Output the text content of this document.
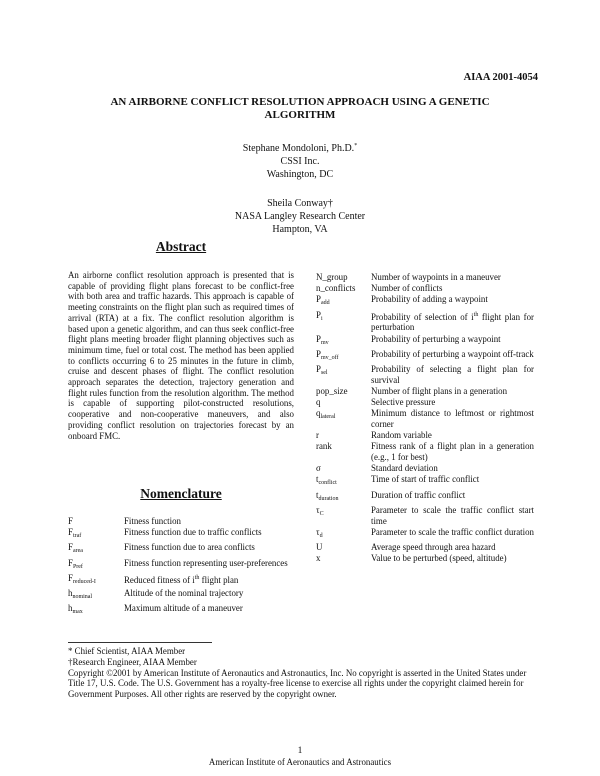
AIAA 2001-4054
AN AIRBORNE CONFLICT RESOLUTION APPROACH USING A GENETIC
ALGORITHM
Stephane Mondoloni, Ph.D.*
CSSI Inc.
Washington, DC
Sheila Conway†
NASA Langley Research Center
Hampton, VA
Abstract
An airborne conflict resolution approach is presented that is capable of providing flight plans forecast to be conflict-free with both area and traffic hazards. This approach is capable of meeting constraints on the flight plan such as required times of arrival (RTA) at a fix. The conflict resolution algorithm is based upon a genetic algorithm, and can thus seek conflict-free flight plans meeting broader flight planning objectives such as minimum time, fuel or total cost. The method has been applied to conflicts occurring 6 to 25 minutes in the future in climb, cruise and descent phases of flight. The conflict resolution approach separates the detection, trajectory generation and flight rules function from the resolution algorithm. The method is capable of supporting pilot-constructed resolutions, cooperative and non-cooperative maneuvers, and also providing conflict resolution on trajectories forecast by an onboard FMC.
Nomenclature
F	Fitness function
$F_{traf}$	Fitness function due to traffic conflicts
$F_{area}$	Fitness function due to area conflicts
$F_{Pref}$	Fitness function representing user-preferences
$F_{reduced-I}$	Reduced fitness of $i^{th}$ flight plan
$h_{nominal}$	Altitude of the nominal trajectory
$h_{max}$	Maximum altitude of a maneuver
N_group	Number of waypoints in a maneuver
n_conflicts	Number of conflicts
$P_{add}$	Probability of adding a waypoint
$P_i$	Probability of selection of $i^{th}$ flight plan for perturbation
$P_{mv}$	Probability of perturbing a waypoint
$P_{mv\_off}$	Probability of perturbing a waypoint off-track
$P_{sel}$	Probability of selecting a flight plan for survival
pop_size	Number of flight plans in a generation
q	Selective pressure
$q_{lateral}$	Minimum distance to leftmost or rightmost corner
r	Random variable
rank	Fitness rank of a flight plan in a generation (e.g., 1 for best)
σ	Standard deviation
$t_{conflict}$	Time of start of traffic conflict
$t_{duration}$	Duration of traffic conflict
$\tau_C$	Parameter to scale the traffic conflict start time
$\tau_d$	Parameter to scale the traffic conflict duration
U	Average speed through area hazard
x	Value to be perturbed (speed, altitude)
* Chief Scientist, AIAA Member
†Research Engineer, AIAA Member
Copyright ©2001 by American Institute of Aeronautics and Astronautics, Inc. No copyright is asserted in the United States under Title 17, U.S. Code. The U.S. Government has a royalty-free license to exercise all rights under the copyright claimed herein for Government Purposes. All other rights are reserved by the copyright owner.
1
American Institute of Aeronautics and Astronautics
